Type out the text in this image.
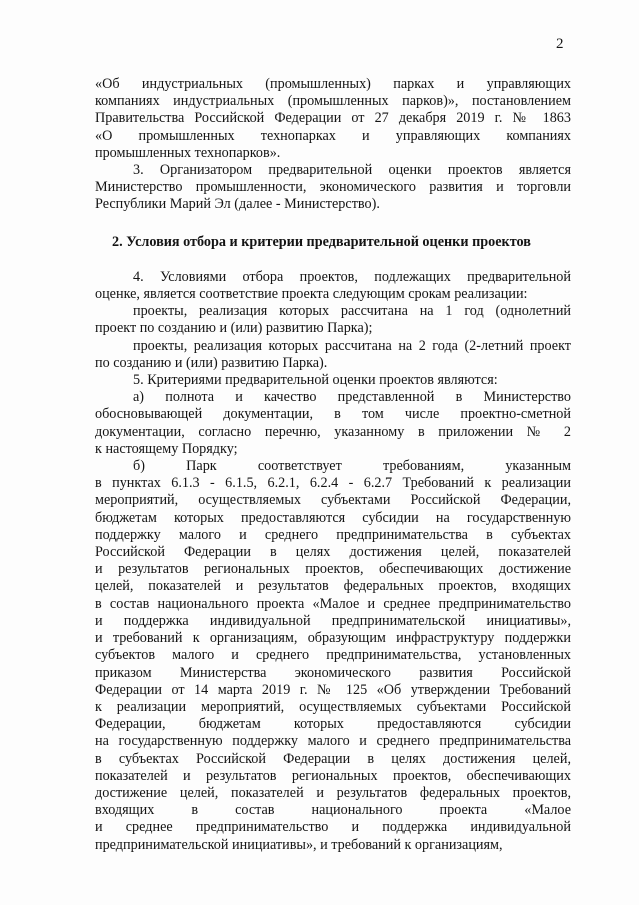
2

«Об индустриальных (промышленных) парках и управляющих
компаниях индустриальных (промышленных парков)», постановлением
Правительства Российской Федерации от 27 декабря 2019 г. № 1863
«О промышленных технопарках и управляющих компаниях
промышленных технопарков».

3. Организатором предварительной оценки проектов является
Министерство промышленности, экономического развития и торговли
Республики Марий Эл (далее - Министерство).

2. Условия отбора и критерии предварительной оценки проектов

4. Условиями отбора проектов, подлежащих предварительной
оценке, является соответствие проекта следующим срокам реализации:

проекты, реализация которых рассчитана на 1 год (однолетний
проект по созданию и (или) развитию Парка);

проекты, реализация которых рассчитана на 2 года (2-летний проект
по созданию и (или) развитию Парка).

5. Критериями предварительной оценки проектов являются:

а) полнота и качество представленной в Министерство
обосновывающей документации, в том числе проектно-сметной
документации, согласно перечню, указанному в приложении № 2
к настоящему Порядку;

б) Парк соответствует требованиям, указанным
в пунктах 6.1.3 - 6.1.5, 6.2.1, 6.2.4 - 6.2.7 Требований к реализации
мероприятий, осуществляемых субъектами Российской Федерации,
бюджетам которых предоставляются субсидии на государственную
поддержку малого и среднего предпринимательства в субъектах
Российской Федерации в целях достижения целей, показателей
и результатов региональных проектов, обеспечивающих достижение
целей, показателей и результатов федеральных проектов, входящих
в состав национального проекта «Малое и среднее предпринимательство
и поддержка индивидуальной предпринимательской инициативы»,
и требований к организациям, образующим инфраструктуру поддержки
субъектов малого и среднего предпринимательства, установленных
приказом Министерства экономического развития Российской
Федерации от 14 марта 2019 г. № 125 «Об утверждении Требований
к реализации мероприятий, осуществляемых субъектами Российской
Федерации, бюджетам которых предоставляются субсидии
на государственную поддержку малого и среднего предпринимательства
в субъектах Российской Федерации в целях достижения целей,
показателей и результатов региональных проектов, обеспечивающих
достижение целей, показателей и результатов федеральных проектов,
входящих в состав национального проекта «Малое
и среднее предпринимательство и поддержка индивидуальной
предпринимательской инициативы», и требований к организациям,
